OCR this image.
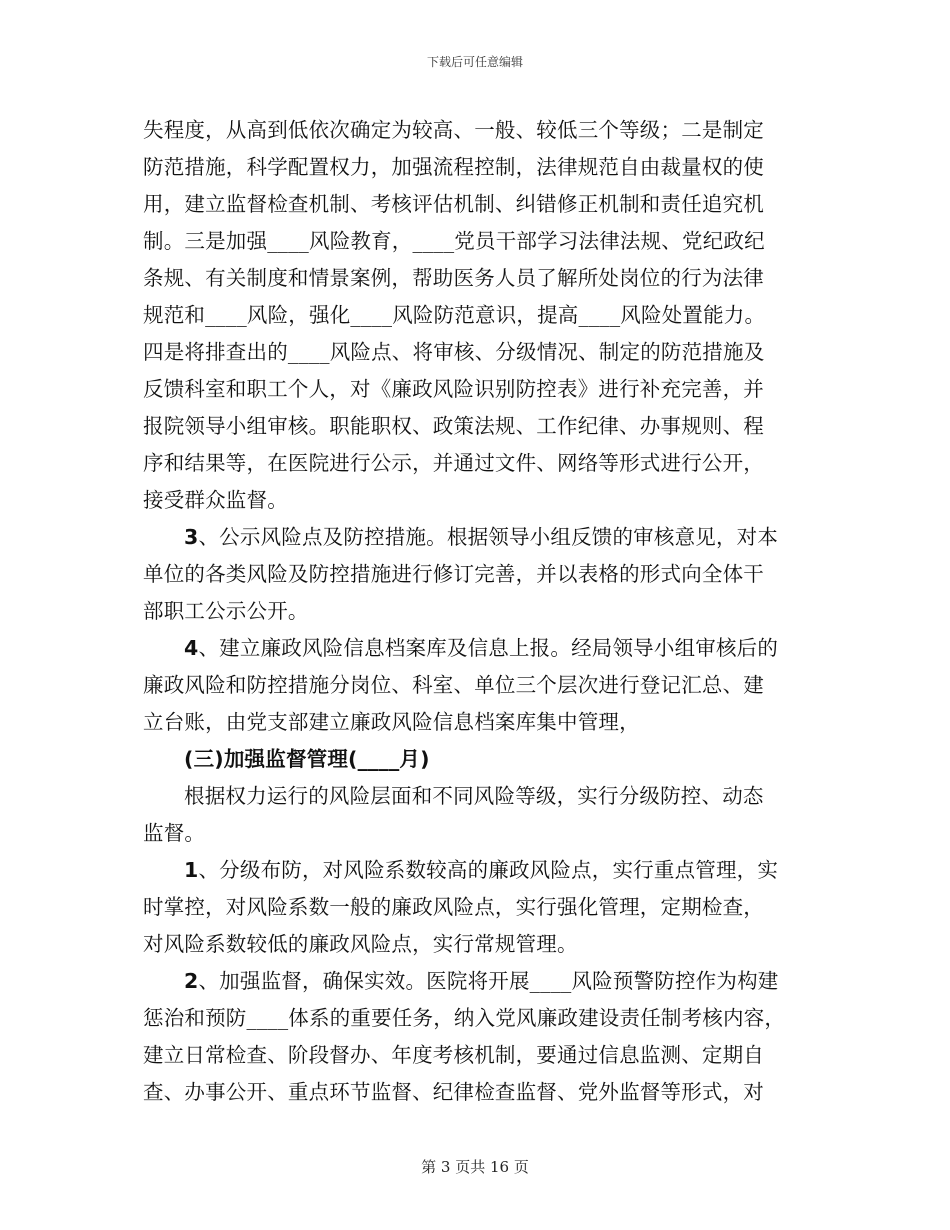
下载后可任意编辑
失程度，从高到低依次确定为较高、一般、较低三个等级；二是制定
防范措施，科学配置权力，加强流程控制，法律规范自由裁量权的使
用，建立监督检查机制、考核评估机制、纠错修正机制和责任追究机
制。三是加强____风险教育，____党员干部学习法律法规、党纪政纪
条规、有关制度和情景案例，帮助医务人员了解所处岗位的行为法律
规范和____风险，强化____风险防范意识，提高____风险处置能力。
四是将排查出的____风险点、将审核、分级情况、制定的防范措施及
反馈科室和职工个人，对《廉政风险识别防控表》进行补充完善，并
报院领导小组审核。职能职权、政策法规、工作纪律、办事规则、程
序和结果等，在医院进行公示，并通过文件、网络等形式进行公开，
接受群众监督。
3、公示风险点及防控措施。根据领导小组反馈的审核意见，对本
单位的各类风险及防控措施进行修订完善，并以表格的形式向全体干
部职工公示公开。
4、建立廉政风险信息档案库及信息上报。经局领导小组审核后的
廉政风险和防控措施分岗位、科室、单位三个层次进行登记汇总、建
立台账，由党支部建立廉政风险信息档案库集中管理，
(三)加强监督管理(____月)
根据权力运行的风险层面和不同风险等级，实行分级防控、动态
监督。
1、分级布防，对风险系数较高的廉政风险点，实行重点管理，实
时掌控，对风险系数一般的廉政风险点，实行强化管理，定期检查，
对风险系数较低的廉政风险点，实行常规管理。
2、加强监督，确保实效。医院将开展____风险预警防控作为构建
惩治和预防____体系的重要任务，纳入党风廉政建设责任制考核内容，
建立日常检查、阶段督办、年度考核机制，要通过信息监测、定期自
查、办事公开、重点环节监督、纪律检查监督、党外监督等形式，对
第 3 页共 16 页
